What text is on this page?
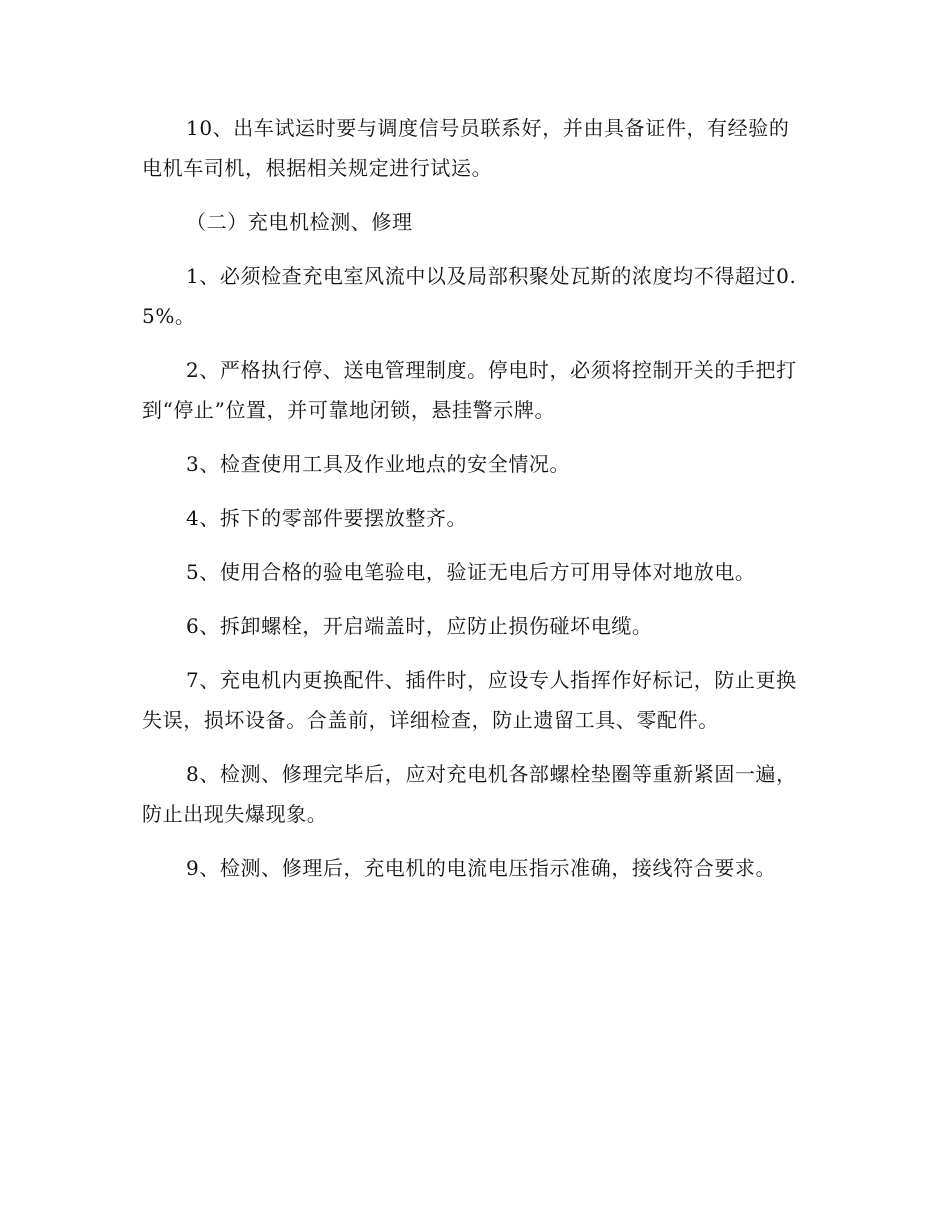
10、出车试运时要与调度信号员联系好，并由具备证件，有经验的电机车司机，根据相关规定进行试运。

（二）充电机检测、修理

1、必须检查充电室风流中以及局部积聚处瓦斯的浓度均不得超过0.5%。

2、严格执行停、送电管理制度。停电时，必须将控制开关的手把打到“停止”位置，并可靠地闭锁，悬挂警示牌。

3、检查使用工具及作业地点的安全情况。

4、拆下的零部件要摆放整齐。

5、使用合格的验电笔验电，验证无电后方可用导体对地放电。

6、拆卸螺栓，开启端盖时，应防止损伤碰坏电缆。

7、充电机内更换配件、插件时，应设专人指挥作好标记，防止更换失误，损坏设备。合盖前，详细检查，防止遗留工具、零配件。

8、检测、修理完毕后，应对充电机各部螺栓垫圈等重新紧固一遍，防止出现失爆现象。

9、检测、修理后，充电机的电流电压指示准确，接线符合要求。
